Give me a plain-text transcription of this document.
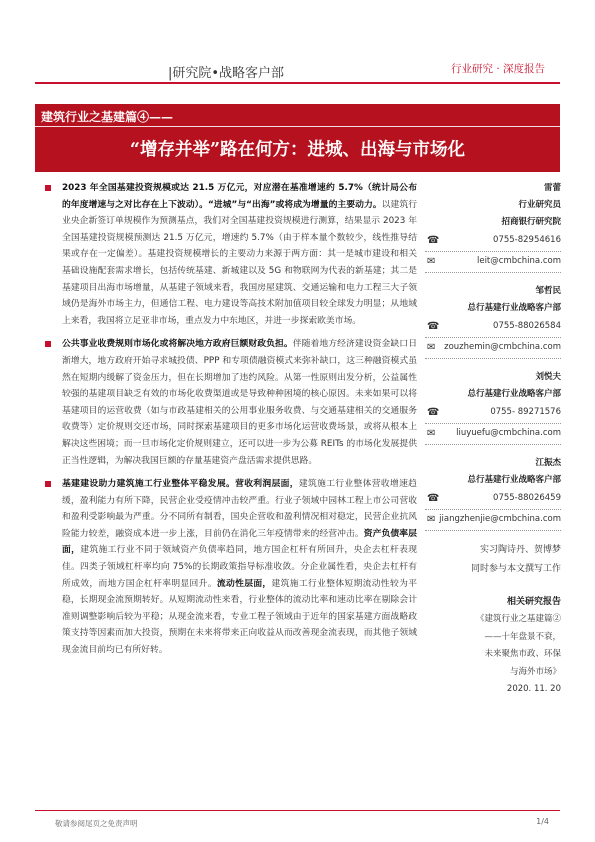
|研究院•战略客户部	行业研究 · 深度报告
建筑行业之基建篇④——
“增存并举”路在何方：进城、出海与市场化
2023 年全国基建投资规模或达 21.5 万亿元，对应潜在基准增速约 5.7%（统计局公布的年度增速与之对比存在上下波动）。“进城”与“出海”或将成为增量的主要动力。以建筑行业央企新签订单规模作为预测基点，我们对全国基建投资规模进行测算，结果显示 2023 年全国基建投资规模预测达 21.5 万亿元，增速约 5.7%（由于样本量个数较少，线性推导结果或存在一定偏差）。基建投资规模增长的主要动力来源于两方面：其一是城市建设和相关基础设施配套需求增长，包括传统基建、新城建以及 5G 和物联网为代表的新基建；其二是基建项目出海市场增量，从基建子领域来看，我国房屋建筑、交通运输和电力工程三大子领域仍是海外市场主力，但通信工程、电力建设等高技术附加值项目较全球发力明显；从地域上来看，我国将立足亚非市场，重点发力中东地区，并进一步探索欧美市场。
公共事业收费规则市场化或将解决地方政府巨额财政负担。伴随着地方经济建设资金缺口日渐增大，地方政府开始寻求城投债、PPP 和专项债融资模式来弥补缺口，这三种融资模式虽然在短期内缓解了资金压力，但在长期增加了违约风险。从第一性原则出发分析，公益属性较强的基建项目缺乏有效的市场化收费渠道或是导致种种困境的核心原因。未来如果可以将基建项目的运营收费（如与市政基建相关的公用事业服务收费、与交通基建相关的交通服务收费等）定价规则交还市场，同时探索基建项目的更多市场化运营收费场景，或将从根本上解决这些困境；而一旦市场化定价规则建立，还可以进一步为公募 REITs 的市场化发展提供正当性逻辑，为解决我国巨额的存量基建资产盘活需求提供思路。
基建建设助力建筑施工行业整体平稳发展。营收利润层面，建筑施工行业整体营收增速趋缓，盈利能力有所下降，民营企业受疫情冲击较严重。行业子领域中园林工程上市公司营收和盈利受影响最为严重。分不同所有制看，国央企营收和盈利情况相对稳定，民营企业抗风险能力较差，融资成本进一步上涨，目前仍在消化三年疫情带来的经营冲击。资产负债率层面，建筑施工行业不同于领域资产负债率趋同，地方国企杠杆有所回升，央企去杠杆表现佳。四类子领域杠杆率均向 75%的长期政策指导标准收敛。分企业属性看，央企去杠杆有所成效，而地方国企杠杆率明显回升。流动性层面，建筑施工行业整体短期流动性较为平稳，长期现金流预期转好。从短期流动性来看，行业整体的流动比率和速动比率在剔除会计准则调整影响后较为平稳；从现金流来看，专业工程子领域由于近年的国家基建方面战略政策支持等因素而加大投资，预期在未来将带来正向收益从而改善现金流表现，而其他子领域现金流目前均已有所好转。
雷蕾
行业研究员
招商银行研究院
☎	0755-82954616
✉	leit@cmbchina.com
邹哲民
总行基建行业战略客户部
☎	0755-88026584
✉ zouzhemin@cmbchina.com
刘悦夫
总行基建行业战略客户部
☎	0755- 89271576
✉ liuyuefu@cmbchina.com
江振杰
总行基建行业战略客户部
☎	0755-88026459
✉ jiangzhenjie@cmbchina.com
实习陶诗丹、贺博梦
同时参与本文撰写工作
相关研究报告
《建筑行业之基建篇②
——十年盘景不衰，
未来聚焦市政、环保
与海外市场》
2020. 11. 20
敬请参阅尾页之免责声明	1/4
